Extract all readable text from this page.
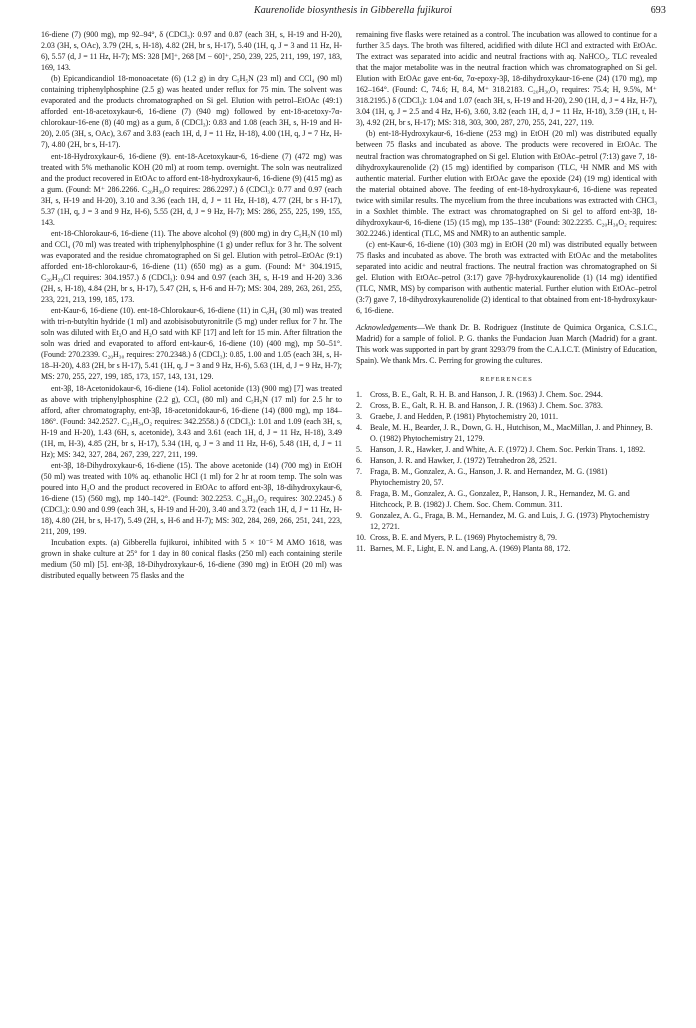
Kaurenolide biosynthesis in Gibberella fujikuroi	693

16-diene (7) (900 mg), mp 92–94°, δ (CDCl₃): 0.97 and 0.87 (each 3H, s, H-19 and H-20), 2.03 (3H, s, OAc), 3.79 (2H, s, H-18), 4.82 (2H, br s, H-17), 5.40 (1H, q, J = 3 and 11 Hz, H-6), 5.57 (d, J = 11 Hz, H-7); MS: 328 [M]⁺, 268 [M − 60]⁺, 250, 239, 225, 211, 199, 197, 183, 169, 143.

(b) Epicandicandiol 18-monoacetate (6) (1.2 g) in dry C₅H₅N (23 ml) and CCl₄ (90 ml) containing triphenylphosphine (2.5 g) was heated under reflux for 75 min. The solvent was evaporated and the products chromatographed on Si gel. Elution with petrol–EtOAc (49:1) afforded ent-18-acetoxykaur-6, 16-diene (7) (940 mg) followed by ent-18-acetoxy-7α-chlorokaur-16-ene (8) (40 mg) as a gum, δ (CDCl₃): 0.83 and 1.08 (each 3H, s, H-19 and H-20), 2.05 (3H, s, OAc), 3.67 and 3.83 (each 1H, d, J = 11 Hz, H-18), 4.00 (1H, q, J = 7 Hz, H-7), 4.80 (2H, br s, H-17).

ent-18-Hydroxykaur-6, 16-diene (9). ent-18-Acetoxykaur-6, 16-diene (7) (472 mg) was treated with 5% methanolic KOH (20 ml) at room temp. overnight. The soln was neutralized and the product recovered in EtOAc to afford ent-18-hydroxykaur-6, 16-diene (9) (415 mg) as a gum. (Found: M⁺ 286.2266. C₂₀H₃₀O requires: 286.2297.) δ (CDCl₃): 0.77 and 0.97 (each 3H, s, H-19 and H-20), 3.10 and 3.36 (each 1H, d, J = 11 Hz, H-18), 4.77 (2H, br s H-17), 5.37 (1H, q, J = 3 and 9 Hz, H-6), 5.55 (2H, d, J = 9 Hz, H-7); MS: 286, 255, 225, 199, 155, 143.

ent-18-Chlorokaur-6, 16-diene (11). The above alcohol (9) (800 mg) in dry C₅H₅N (10 ml) and CCl₄ (70 ml) was treated with triphenylphosphine (1 g) under reflux for 3 hr. The solvent was evaporated and the residue chromatographed on Si gel. Elution with petrol–EtOAc (9:1) afforded ent-18-chlorokaur-6, 16-diene (11) (650 mg) as a gum. (Found: M⁺ 304.1915, C₂₀H₂₉Cl requires: 304.1957.) δ (CDCl₃): 0.94 and 0.97 (each 3H, s, H-19 and H-20) 3.36 (2H, s, H-18), 4.84 (2H, br s, H-17), 5.47 (2H, s, H-6 and H-7); MS: 304, 289, 263, 261, 255, 233, 221, 213, 199, 185, 173.

ent-Kaur-6, 16-diene (10). ent-18-Chlorokaur-6, 16-diene (11) in C₆H₆ (30 ml) was treated with tri-n-butyltin hydride (1 ml) and azobisisobutyronitrile (5 mg) under reflux for 7 hr. The soln was diluted with Et₂O and H₂O satd with KF [17] and left for 15 min. After filtration the soln was dried and evaporated to afford ent-kaur-6, 16-diene (10) (400 mg), mp 50–51°. (Found: 270.2339. C₂₀H₃₀ requires: 270.2348.) δ (CDCl₃): 0.85, 1.00 and 1.05 (each 3H, s, H-18–H-20), 4.83 (2H, br s H-17), 5.41 (1H, q, J = 3 and 9 Hz, H-6), 5.63 (1H, d, J = 9 Hz, H-7); MS: 270, 255, 227, 199, 185, 173, 157, 143, 131, 129.

ent-3β, 18-Acetonidokaur-6, 16-diene (14). Foliol acetonide (13) (900 mg) [7] was treated as above with triphenylphosphine (2.2 g), CCl₄ (80 ml) and C₅H₅N (17 ml) for 2.5 hr to afford, after chromatography, ent-3β, 18-acetonidokaur-6, 16-diene (14) (800 mg), mp 184–186°. (Found: 342.2527. C₂₃H₃₄O₂ requires: 342.2558.) δ (CDCl₃): 1.01 and 1.09 (each 3H, s, H-19 and H-20), 1.43 (6H, s, acetonide), 3.43 and 3.61 (each 1H, d, J = 11 Hz, H-18), 3.49 (1H, m, H-3), 4.85 (2H, br s, H-17), 5.34 (1H, q, J = 3 and 11 Hz, H-6), 5.48 (1H, d, J = 11 Hz); MS: 342, 327, 284, 267, 239, 227, 211, 199.

ent-3β, 18-Dihydroxykaur-6, 16-diene (15). The above acetonide (14) (700 mg) in EtOH (50 ml) was treated with 10% aq. ethanolic HCl (1 ml) for 2 hr at room temp. The soln was poured into H₂O and the product recovered in EtOAc to afford ent-3β, 18-dihydroxykaur-6, 16-diene (15) (560 mg), mp 140–142°. (Found: 302.2253. C₂₀H₃₀O₂ requires: 302.2245.) δ (CDCl₃): 0.90 and 0.99 (each 3H, s, H-19 and H-20), 3.40 and 3.72 (each 1H, d, J = 11 Hz, H-18), 4.80 (2H, br s, H-17), 5.49 (2H, s, H-6 and H-7); MS: 302, 284, 269, 266, 251, 241, 223, 211, 209, 199.

Incubation expts. (a) Gibberella fujikuroi, inhibited with 5 × 10⁻⁵ M AMO 1618, was grown in shake culture at 25° for 1 day in 80 conical flasks (250 ml) each containing sterile medium (50 ml) [5]. ent-3β, 18-Dihydroxykaur-6, 16-diene (390 mg) in EtOH (20 ml) was distributed equally between 75 flasks and the

remaining five flasks were retained as a control. The incubation was allowed to continue for a further 3.5 days. The broth was filtered, acidified with dilute HCl and extracted with EtOAc. The extract was separated into acidic and neutral fractions with aq. NaHCO₃. TLC revealed that the major metabolite was in the neutral fraction which was chromatographed on Si gel. Elution with EtOAc gave ent-6α, 7α-epoxy-3β, 18-dihydroxykaur-16-ene (24) (170 mg), mp 162–164°. (Found: C, 74.6; H, 8.4, M⁺ 318.2183. C₂₀H₃₀O₃ requires: 75.4; H, 9.5%, M⁺ 318.2195.) δ (CDCl₃): 1.04 and 1.07 (each 3H, s, H-19 and H-20), 2.90 (1H, d, J = 4 Hz, H-7), 3.04 (1H, q, J = 2.5 and 4 Hz, H-6), 3.60, 3.82 (each 1H, d, J = 11 Hz, H-18), 3.59 (1H, t, H-3), 4.92 (2H, br s, H-17); MS: 318, 303, 300, 287, 270, 255, 241, 227, 119.

(b) ent-18-Hydroxykaur-6, 16-diene (253 mg) in EtOH (20 ml) was distributed equally between 75 flasks and incubated as above. The products were recovered in EtOAc. The neutral fraction was chromatographed on Si gel. Elution with EtOAc–petrol (7:13) gave 7, 18-dihydroxykaurenolide (2) (15 mg) identified by comparison (TLC, ¹H NMR and MS with authentic material. Further elution with EtOAc gave the epoxide (24) (19 mg) identical with the material obtained above. The feeding of ent-18-hydroxykaur-6, 16-diene was repeated twice with similar results. The mycelium from the three incubations was extracted with CHCl₃ in a Soxhlet thimble. The extract was chromatographed on Si gel to afford ent-3β, 18-dihydroxykaur-6, 16-diene (15) (15 mg), mp 135–138° (Found: 302.2235. C₂₀H₃₀O₂ requires: 302.2246.) identical (TLC, MS and NMR) to an authentic sample.

(c) ent-Kaur-6, 16-diene (10) (303 mg) in EtOH (20 ml) was distributed equally between 75 flasks and incubated as above. The broth was extracted with EtOAc and the metabolites separated into acidic and neutral fractions. The neutral fraction was chromatographed on Si gel. Elution with EtOAc–petrol (3:17) gave 7β-hydroxykaurenolide (1) (14 mg) identified (TLC, NMR, MS) by comparison with authentic material. Further elution with EtOAc–petrol (3:7) gave 7, 18-dihydroxykaurenolide (2) identical to that obtained from ent-18-hydroxykaur-6, 16-diene.

Acknowledgements—We thank Dr. B. Rodriguez (Institute de Quimica Organica, C.S.I.C., Madrid) for a sample of foliol. P. G. thanks the Fundacion Juan March (Madrid) for a grant. This work was supported in part by grant 3293/79 from the C.A.I.C.T. (Ministry of Education, Spain). We thank Mrs. C. Perring for growing the cultures.

REFERENCES
1. Cross, B. E., Galt, R. H. B. and Hanson, J. R. (1963) J. Chem. Soc. 2944.
2. Cross, B. E., Galt, R. H. B. and Hanson, J. R. (1963) J. Chem. Soc. 3783.
3. Graebe, J. and Hedden, P. (1981) Phytochemistry 20, 1011.
4. Beale, M. H., Bearder, J. R., Down, G. H., Hutchison, M., MacMillan, J. and Phinney, B. O. (1982) Phytochemistry 21, 1279.
5. Hanson, J. R., Hawker, J. and White, A. F. (1972) J. Chem. Soc. Perkin Trans. 1, 1892.
6. Hanson, J. R. and Hawker, J. (1972) Tetrahedron 28, 2521.
7. Fraga, B. M., Gonzalez, A. G., Hanson, J. R. and Hernandez, M. G. (1981) Phytochemistry 20, 57.
8. Fraga, B. M., Gonzalez, A. G., Gonzalez, P., Hanson, J. R., Hernandez, M. G. and Hitchcock, P. B. (1982) J. Chem. Soc. Chem. Commun. 311.
9. Gonzalez, A. G., Fraga, B. M., Hernandez, M. G. and Luis, J. G. (1973) Phytochemistry 12, 2721.
10. Cross, B. E. and Myers, P. L. (1969) Phytochemistry 8, 79.
11. Barnes, M. F., Light, E. N. and Lang, A. (1969) Planta 88, 172.
